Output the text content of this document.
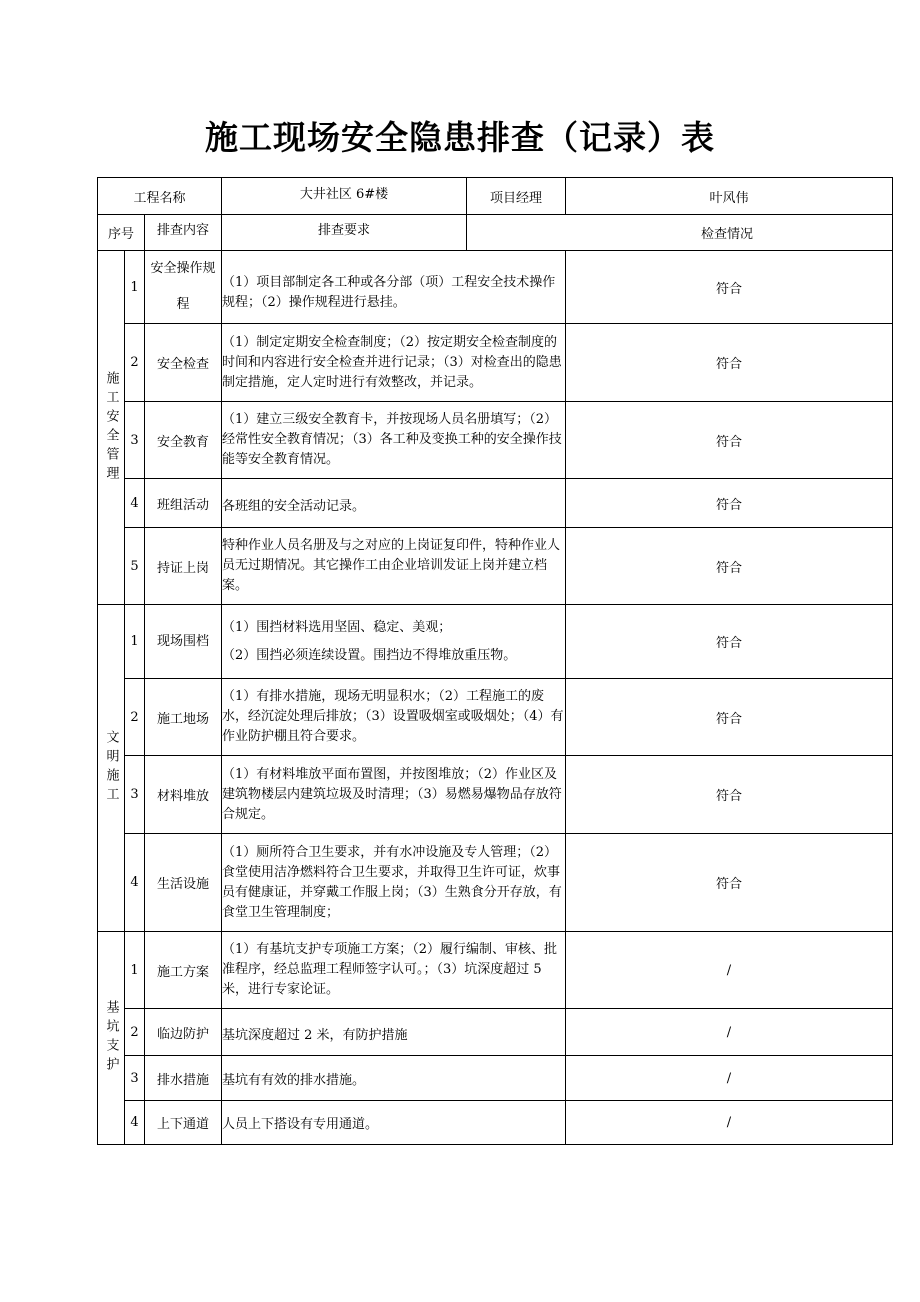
施工现场安全隐患排查（记录）表
工程名称			大井社区 6#楼	项目经理	叶风伟
序号		排查内容	排查要求	检查情况	

施工安全管理	1	安全操作规程	（1）项目部制定各工种或各分部（项）工程安全技术操作规程；（2）操作规程进行悬挂。		符合
	2	安全检查	（1）制定定期安全检查制度；（2）按定期安全检查制度的时间和内容进行安全检查并进行记录；（3）对检查出的隐患制定措施，定人定时进行有效整改，并记录。		符合
	3	安全教育	（1）建立三级安全教育卡，并按现场人员名册填写；（2）经常性安全教育情况；（3）各工种及变换工种的安全操作技能等安全教育情况。		符合
	4	班组活动	各班组的安全活动记录。		符合
	5	持证上岗	特种作业人员名册及与之对应的上岗证复印件，特种作业人员无过期情况。其它操作工由企业培训发证上岗并建立档案。		符合

文明施工	1	现场围档	（1）围挡材料选用坚固、稳定、美观；
（2）围挡必须连续设置。围挡边不得堆放重压物。		符合
	2	施工地场	（1）有排水措施，现场无明显积水；（2）工程施工的废水，经沉淀处理后排放；（3）设置吸烟室或吸烟处；（4）有作业防护棚且符合要求。		符合
	3	材料堆放	（1）有材料堆放平面布置图，并按图堆放；（2）作业区及建筑物楼层内建筑垃圾及时清理；（3）易燃易爆物品存放符合规定。		符合
	4	生活设施	（1）厕所符合卫生要求，并有水冲设施及专人管理；（2）食堂使用洁净燃料符合卫生要求，并取得卫生许可证，炊事员有健康证，并穿戴工作服上岗；（3）生熟食分开存放，有食堂卫生管理制度；		符合

基坑支护	1	施工方案	（1）有基坑支护专项施工方案；（2）履行编制、审核、批准程序，经总监理工程师签字认可。；（3）坑深度超过 5 米，进行专家论证。		/
	2	临边防护	基坑深度超过 2 米，有防护措施		/
	3	排水措施	基坑有有效的排水措施。		/
	4	上下通道	人员上下搭设有专用通道。		/
